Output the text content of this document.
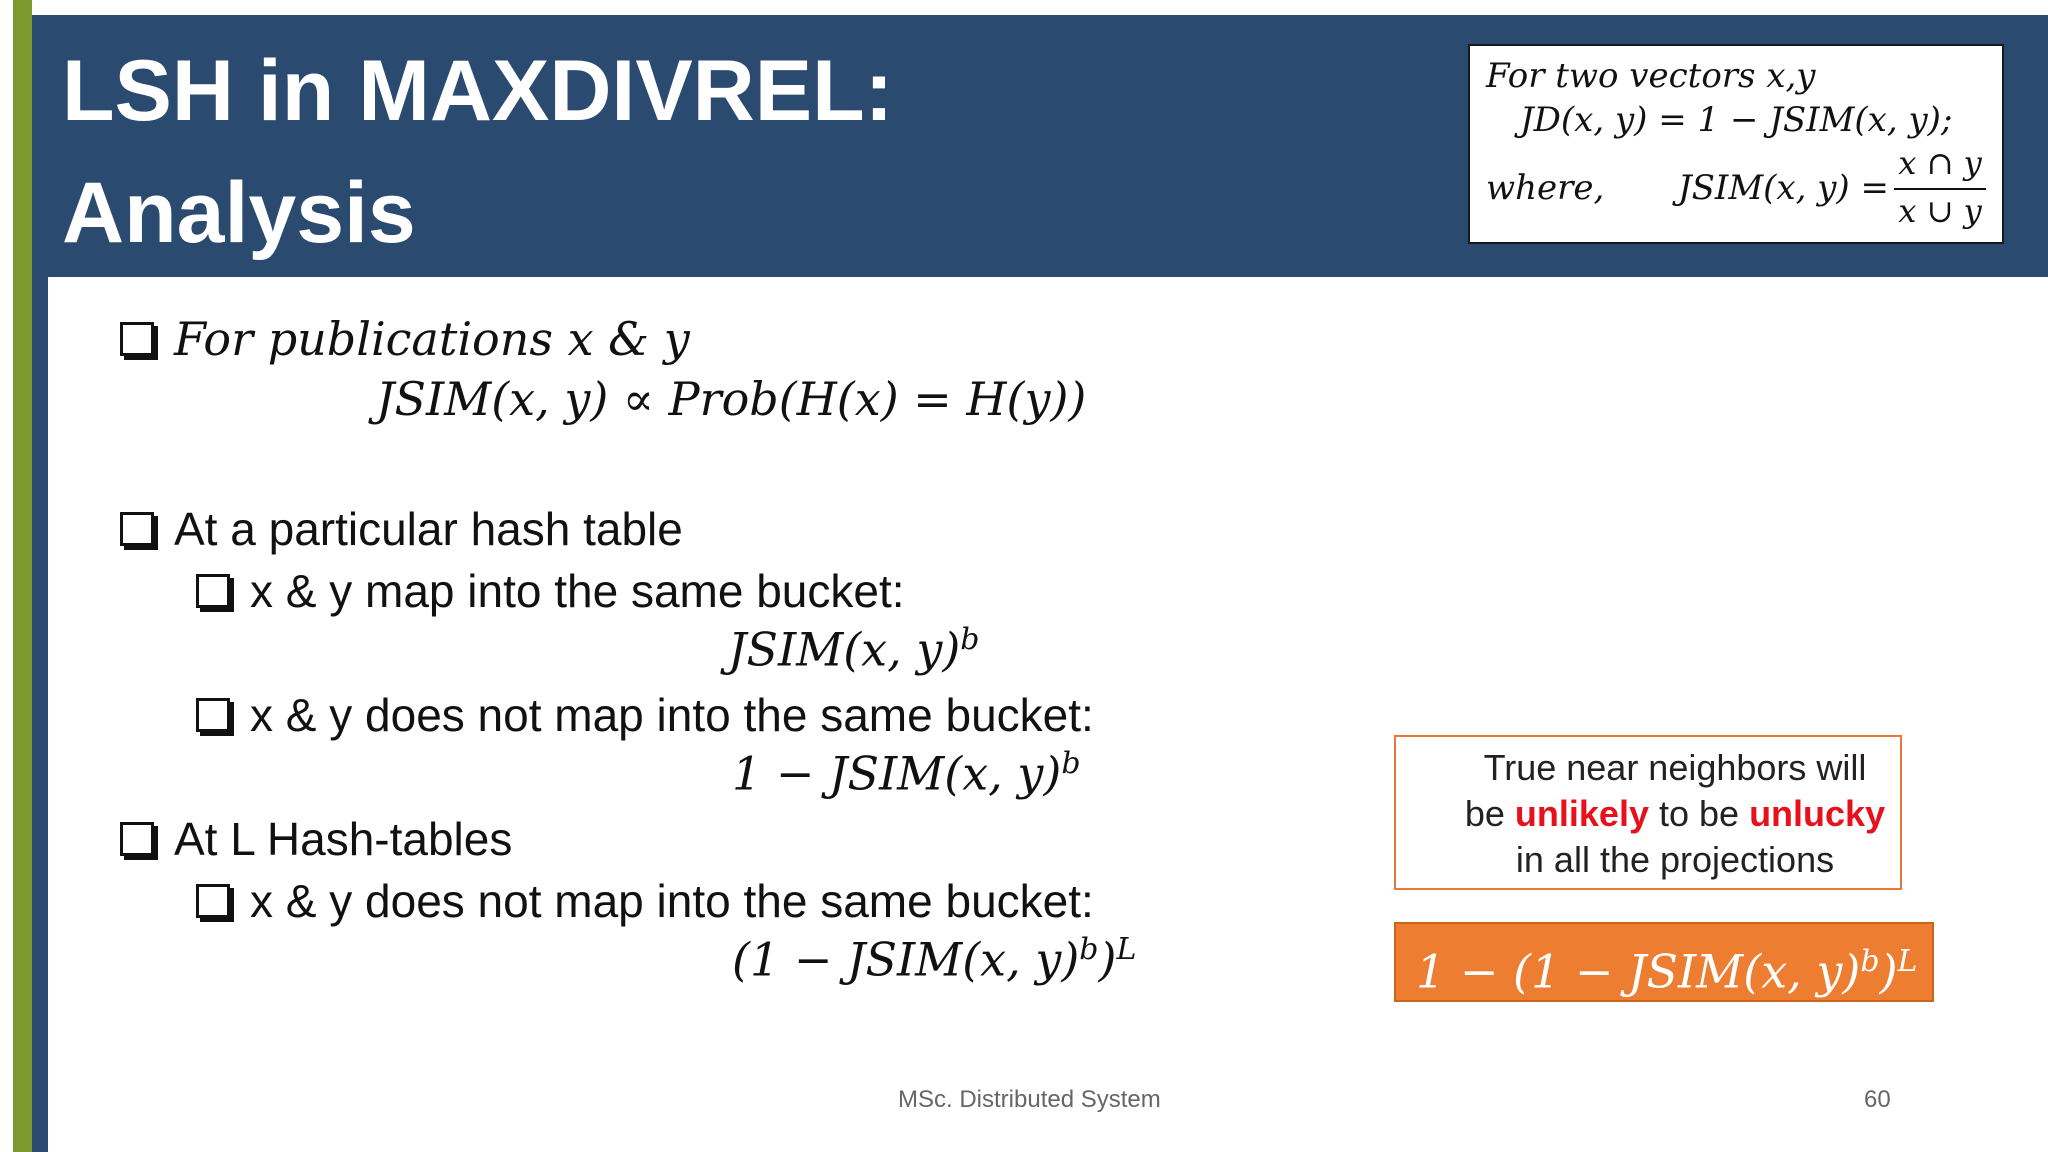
LSH in MAXDIVREL:
Analysis
For two vectors x,y
JD(x, y) = 1 − JSIM(x, y);
where, JSIM(x, y) =
x ∩ y
x ∪ y
For publications x & y
JSIM(x, y) ∝ Prob(H(x) = H(y))
At a particular hash table
x & y map into the same bucket:
JSIM(x, y)$^b$
x & y does not map into the same bucket:
1 − JSIM(x, y)$^b$
At L Hash-tables
x & y does not map into the same bucket:
(1 − JSIM(x, y)$^b$)$^L$
True near neighbors will
be unlikely to be unlucky
in all the projections
1 − (1 − JSIM(x, y)$^b$)$^L$
MSc. Distributed System	60
